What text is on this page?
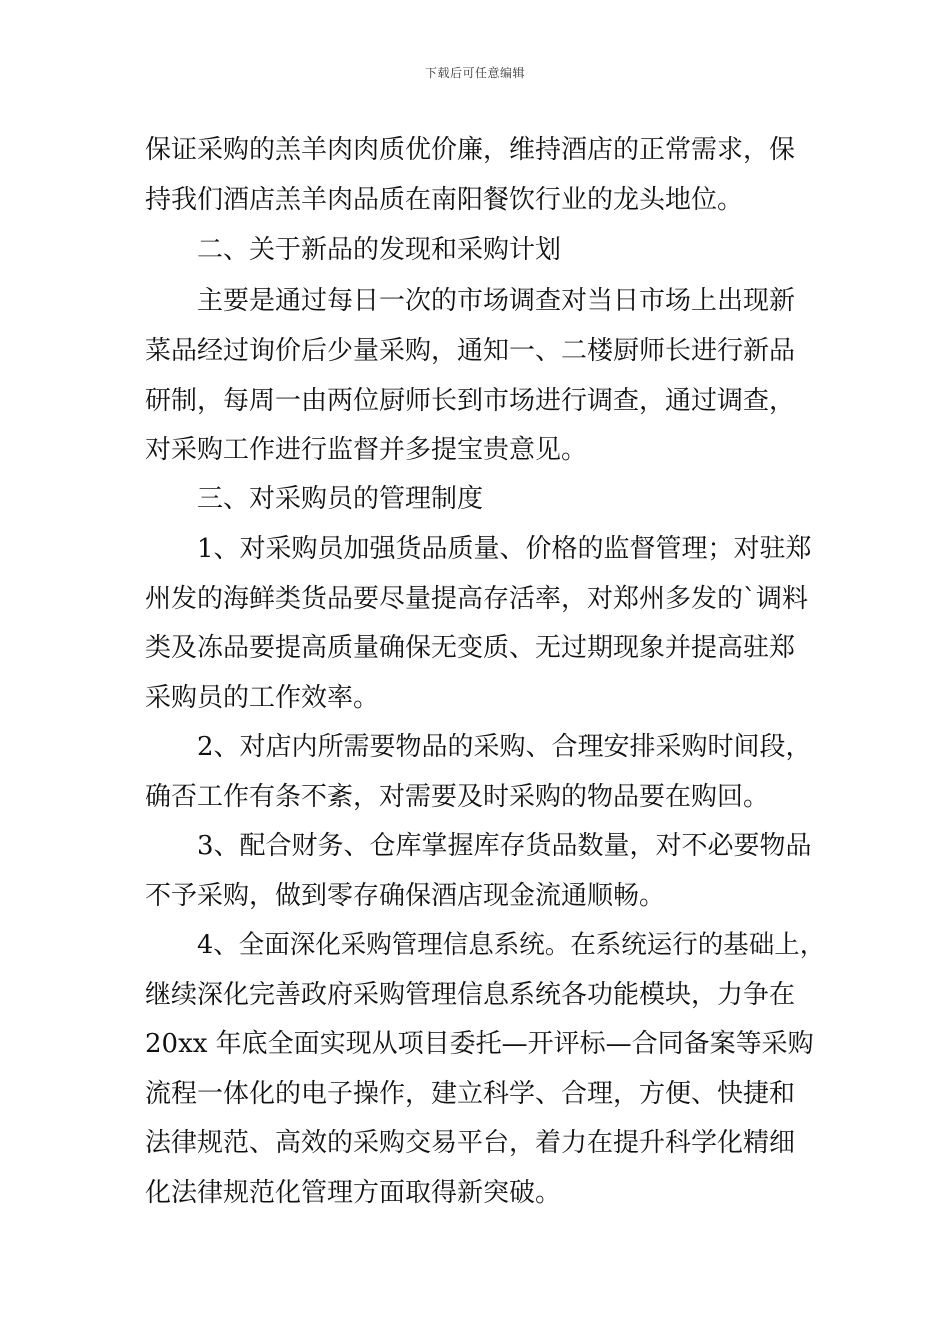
下载后可任意编辑
保证采购的羔羊肉肉质优价廉，维持酒店的正常需求，保
持我们酒店羔羊肉品质在南阳餐饮行业的龙头地位。
二、关于新品的发现和采购计划
主要是通过每日一次的市场调查对当日市场上出现新
菜品经过询价后少量采购，通知一、二楼厨师长进行新品
研制，每周一由两位厨师长到市场进行调查，通过调查，
对采购工作进行监督并多提宝贵意见。
三、对采购员的管理制度
1、对采购员加强货品质量、价格的监督管理；对驻郑
州发的海鲜类货品要尽量提高存活率，对郑州多发的`调料
类及冻品要提高质量确保无变质、无过期现象并提高驻郑
采购员的工作效率。
2、对店内所需要物品的采购、合理安排采购时间段，
确否工作有条不紊，对需要及时采购的物品要在购回。
3、配合财务、仓库掌握库存货品数量，对不必要物品
不予采购，做到零存确保酒店现金流通顺畅。
4、全面深化采购管理信息系统。在系统运行的基础上，
继续深化完善政府采购管理信息系统各功能模块，力争在
20xx 年底全面实现从项目委托—开评标—合同备案等采购
流程一体化的电子操作，建立科学、合理，方便、快捷和
法律规范、高效的采购交易平台，着力在提升科学化精细
化法律规范化管理方面取得新突破。
